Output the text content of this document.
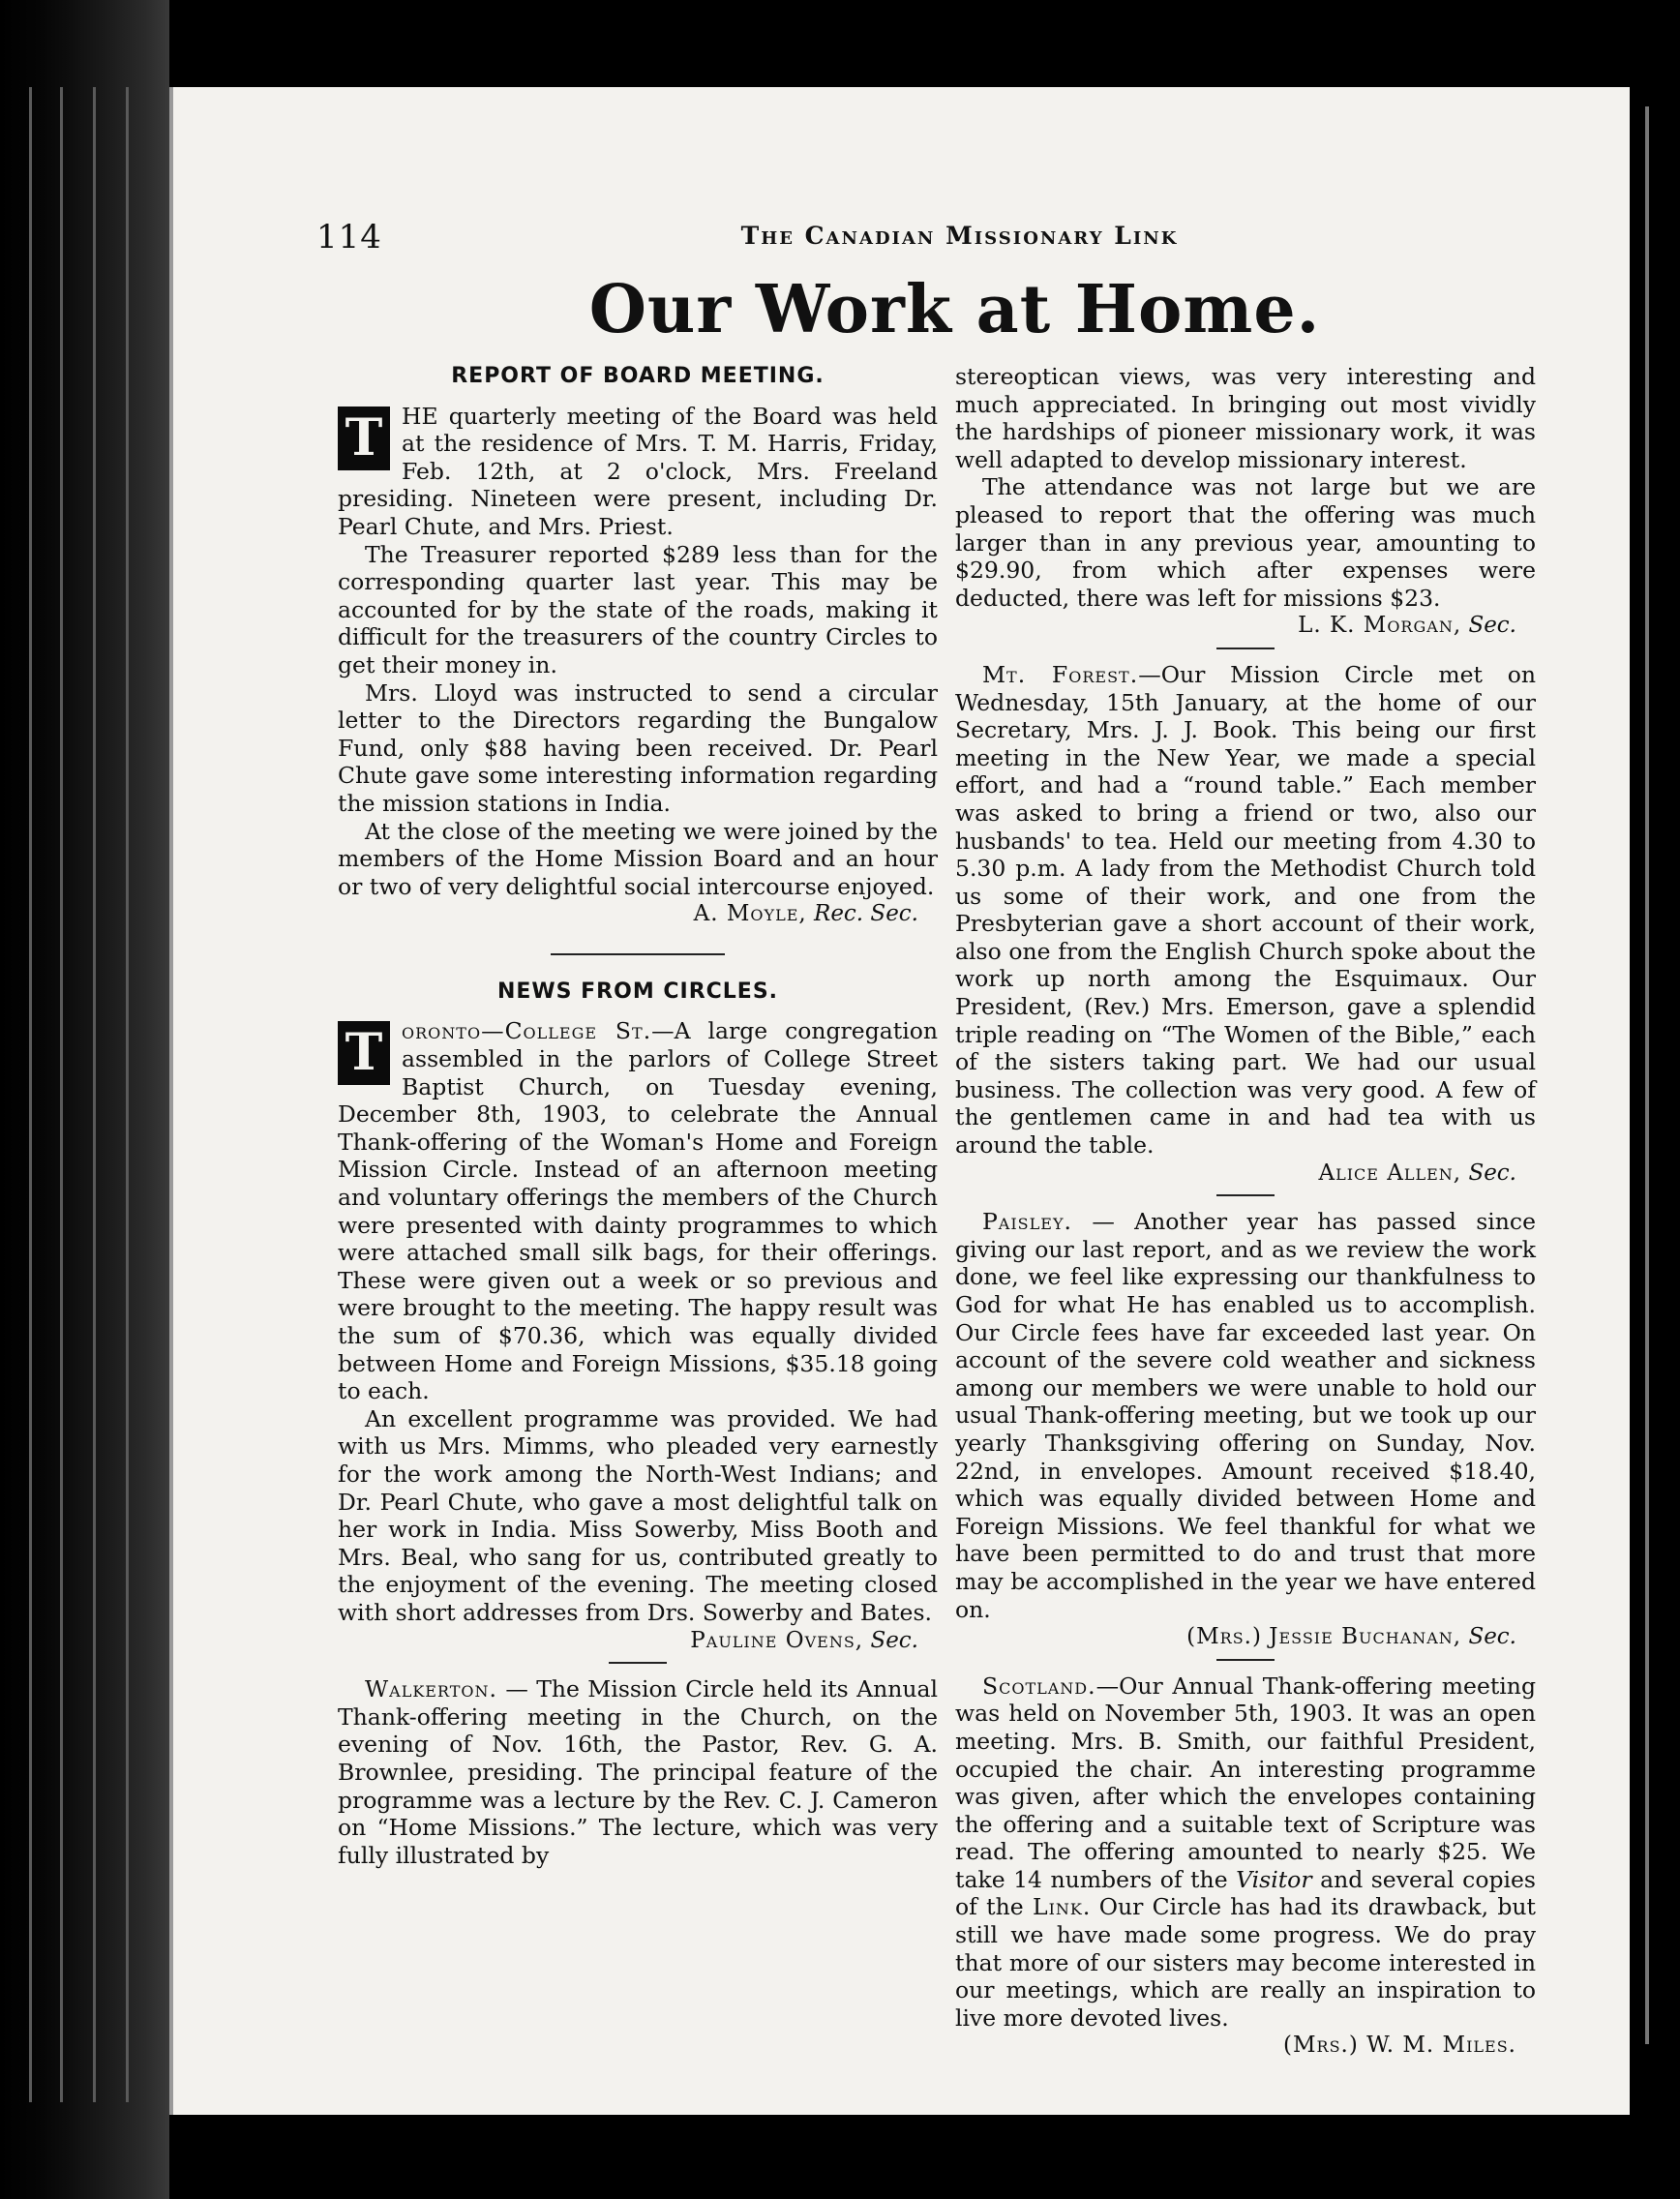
114	The Canadian Missionary Link
Our Work at Home.
REPORT OF BOARD MEETING.

T HE quarterly meeting of the Board was held at the residence of Mrs. T. M. Harris, Friday, Feb. 12th, at 2 o'clock, Mrs. Freeland presiding. Nineteen were present, including Dr. Pearl Chute, and Mrs. Priest.

The Treasurer reported $289 less than for the corresponding quarter last year. This may be accounted for by the state of the roads, making it difficult for the treasurers of the country Circles to get their money in.

Mrs. Lloyd was instructed to send a circular letter to the Directors regarding the Bungalow Fund, only $88 having been received. Dr. Pearl Chute gave some interesting information regarding the mission stations in India.

At the close of the meeting we were joined by the members of the Home Mission Board and an hour or two of very delightful social intercourse enjoyed.

A. Moyle, Rec. Sec.

NEWS FROM CIRCLES.

T oronto—College St.—A large congregation assembled in the parlors of College Street Baptist Church, on Tuesday evening, December 8th, 1903, to celebrate the Annual Thank-offering of the Woman's Home and Foreign Mission Circle. Instead of an afternoon meeting and voluntary offerings the members of the Church were presented with dainty programmes to which were attached small silk bags, for their offerings. These were given out a week or so previous and were brought to the meeting. The happy result was the sum of $70.36, which was equally divided between Home and Foreign Missions, $35.18 going to each.

An excellent programme was provided. We had with us Mrs. Mimms, who pleaded very earnestly for the work among the North-West Indians; and Dr. Pearl Chute, who gave a most delightful talk on her work in India. Miss Sowerby, Miss Booth and Mrs. Beal, who sang for us, contributed greatly to the enjoyment of the evening. The meeting closed with short addresses from Drs. Sowerby and Bates.

Pauline Ovens, Sec.

Walkerton. — The Mission Circle held its Annual Thank-offering meeting in the Church, on the evening of Nov. 16th, the Pastor, Rev. G. A. Brownlee, presiding. The principal feature of the programme was a lecture by the Rev. C. J. Cameron on “Home Missions.” The lecture, which was very fully illustrated by

stereoptican views, was very interesting and much appreciated. In bringing out most vividly the hardships of pioneer missionary work, it was well adapted to develop missionary interest.

The attendance was not large but we are pleased to report that the offering was much larger than in any previous year, amounting to $29.90, from which after expenses were deducted, there was left for missions $23.

L. K. Morgan, Sec.

Mt. Forest.—Our Mission Circle met on Wednesday, 15th January, at the home of our Secretary, Mrs. J. J. Book. This being our first meeting in the New Year, we made a special effort, and had a “round table.” Each member was asked to bring a friend or two, also our husbands' to tea. Held our meeting from 4.30 to 5.30 p.m. A lady from the Methodist Church told us some of their work, and one from the Presbyterian gave a short account of their work, also one from the English Church spoke about the work up north among the Esquimaux. Our President, (Rev.) Mrs. Emerson, gave a splendid triple reading on “The Women of the Bible,” each of the sisters taking part. We had our usual business. The collection was very good. A few of the gentlemen came in and had tea with us around the table.

Alice Allen, Sec.

Paisley. — Another year has passed since giving our last report, and as we review the work done, we feel like expressing our thankfulness to God for what He has enabled us to accomplish. Our Circle fees have far exceeded last year. On account of the severe cold weather and sickness among our members we were unable to hold our usual Thank-offering meeting, but we took up our yearly Thanksgiving offering on Sunday, Nov. 22nd, in envelopes. Amount received $18.40, which was equally divided between Home and Foreign Missions. We feel thankful for what we have been permitted to do and trust that more may be accomplished in the year we have entered on.

(Mrs.) Jessie Buchanan, Sec.

Scotland.—Our Annual Thank-offering meeting was held on November 5th, 1903. It was an open meeting. Mrs. B. Smith, our faithful President, occupied the chair. An interesting programme was given, after which the envelopes containing the offering and a suitable text of Scripture was read. The offering amounted to nearly $25. We take 14 numbers of the Visitor and several copies of the Link. Our Circle has had its drawback, but still we have made some progress. We do pray that more of our sisters may become interested in our meetings, which are really an inspiration to live more devoted lives.

(Mrs.) W. M. Miles.
